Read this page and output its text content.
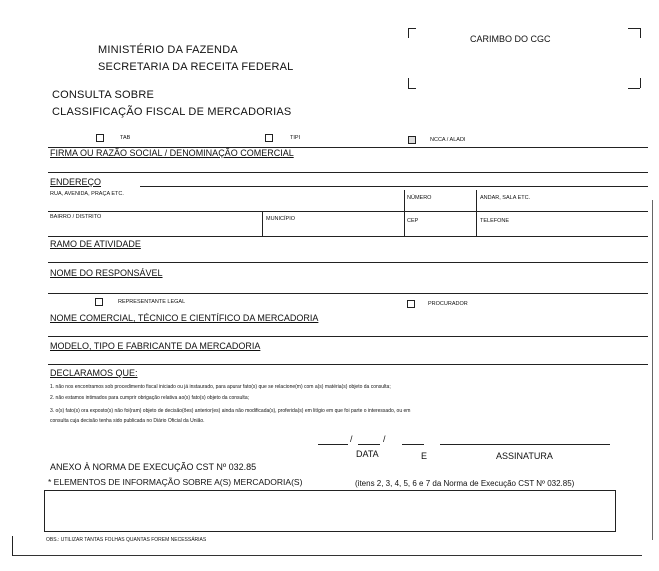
MINISTÉRIO DA FAZENDA
SECRETARIA DA RECEITA FEDERAL
CONSULTA SOBRE
CLASSIFICAÇÃO FISCAL DE MERCADORIAS
CARIMBO DO CGC
TAB	TIPI	NCCA / ALADI
FIRMA OU RAZÃO SOCIAL / DENOMINAÇÃO COMERCIAL
ENDEREÇO
RUA, AVENIDA, PRAÇA ETC.
NÚMERO	ANDAR, SALA ETC.
BAIRRO / DISTRITO	MUNICÍPIO	CEP	TELEFONE
RAMO DE ATIVIDADE
NOME DO RESPONSÁVEL
REPRESENTANTE LEGAL	PROCURADOR
NOME COMERCIAL, TÉCNICO E CIENTÍFICO DA MERCADORIA
MODELO, TIPO E FABRICANTE DA MERCADORIA
DECLARAMOS QUE:
1. não nos encontramos sob procedimento fiscal iniciado ou já instaurado, para apurar fato(s) que se relacione(m) com a(s) matéria(s) objeto da consulta;
2. não estamos intimados para cumprir obrigação relativa ao(s) fato(s) objeto da consulta;
3. o(s) fato(s) ora exposto(s) não foi(ram) objeto de decisão(ões) anterior(es) ainda não modificada(s), proferida(s) em litígio em que foi parte o interessado, ou em
consulta cuja decisão tenha sido publicada no Diário Oficial da União.
/	/
DATA	E	ASSINATURA
ANEXO À NORMA DE EXECUÇÃO CST Nº 032.85
* ELEMENTOS DE INFORMAÇÃO SOBRE A(S) MERCADORIA(S)	(itens 2, 3, 4, 5, 6 e 7 da Norma de Execução CST Nº 032.85)
OBS.: UTILIZAR TANTAS FOLHAS QUANTAS FOREM NECESSÁRIAS
